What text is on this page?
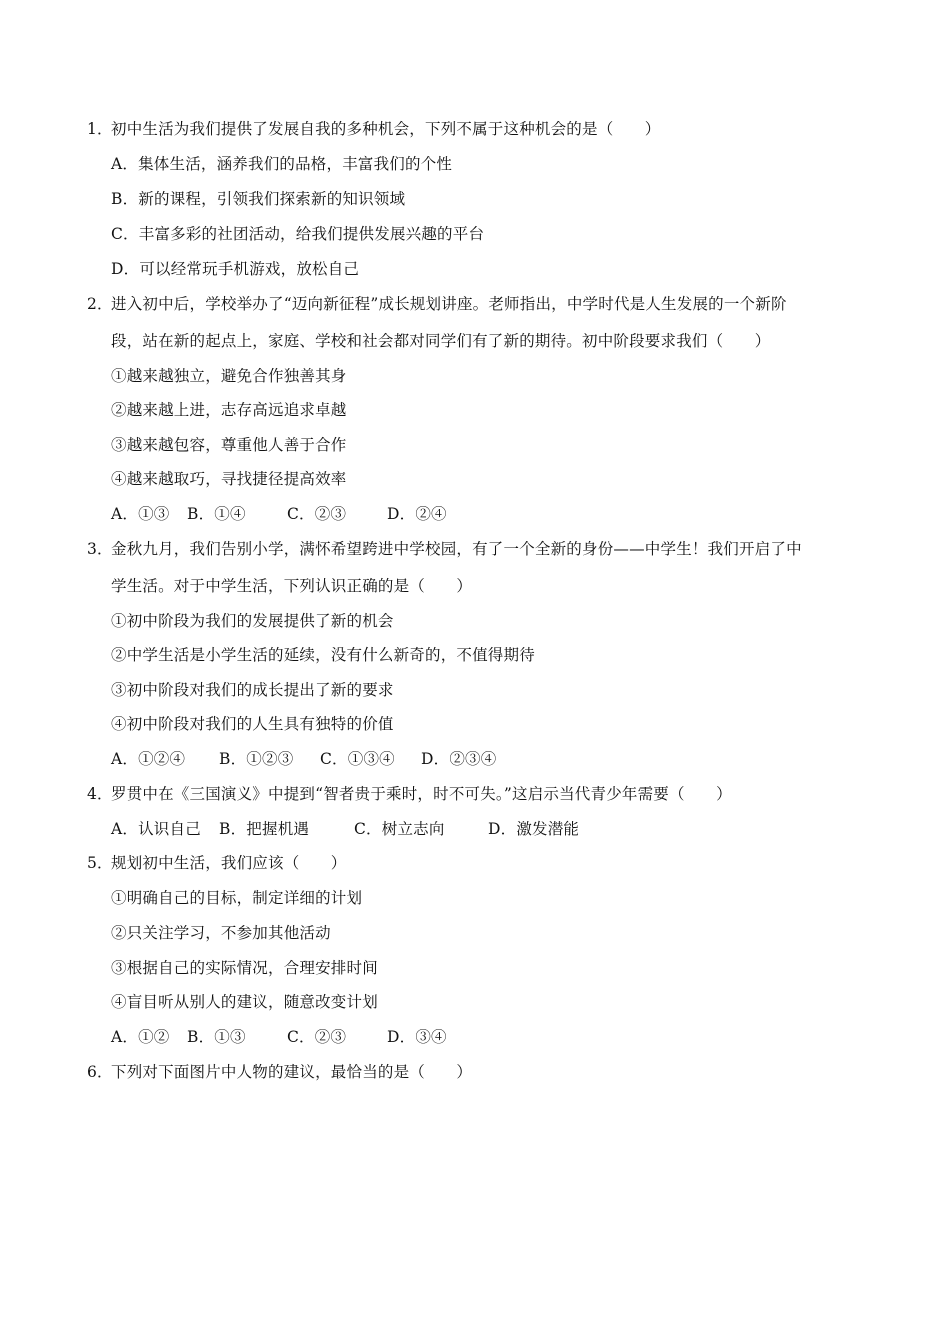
1．
初中生活为我们提供了发展自我的多种机会，下列不属于这种机会的是（　　）
A．集体生活，涵养我们的品格，丰富我们的个性
B．新的课程，引领我们探索新的知识领域
C．丰富多彩的社团活动，给我们提供发展兴趣的平台
D．可以经常玩手机游戏，放松自己
2．
进入初中后，学校举办了“迈向新征程”成长规划讲座。老师指出，中学时代是人生发展的一个新阶
段，站在新的起点上，家庭、学校和社会都对同学们有了新的期待。初中阶段要求我们（　　）
①越来越独立，避免合作独善其身
②越来越上进，志存高远追求卓越
③越来越包容，尊重他人善于合作
④越来越取巧，寻找捷径提高效率
A．①③ B．①④	C．②③	D．②④
3．
金秋九月，我们告别小学，满怀希望跨进中学校园，有了一个全新的身份——中学生！我们开启了中
学生活。对于中学生活，下列认识正确的是（　　）
①初中阶段为我们的发展提供了新的机会
②中学生活是小学生活的延续，没有什么新奇的，不值得期待
③初中阶段对我们的成长提出了新的要求
④初中阶段对我们的人生具有独特的价值
A．①②④ B．①②③ C．①③④ D．②③④
4．
罗贯中在《三国演义》中提到“智者贵于乘时，时不可失。”这启示当代青少年需要（　　）
A．认识自己 B．把握机遇	C．树立志向	D．激发潜能
5．
规划初中生活，我们应该（　　）
①明确自己的目标，制定详细的计划
②只关注学习，不参加其他活动
③根据自己的实际情况，合理安排时间
④盲目听从别人的建议，随意改变计划
A．①② B．①③	C．②③	D．③④
6．
下列对下面图片中人物的建议，最恰当的是（　　）
